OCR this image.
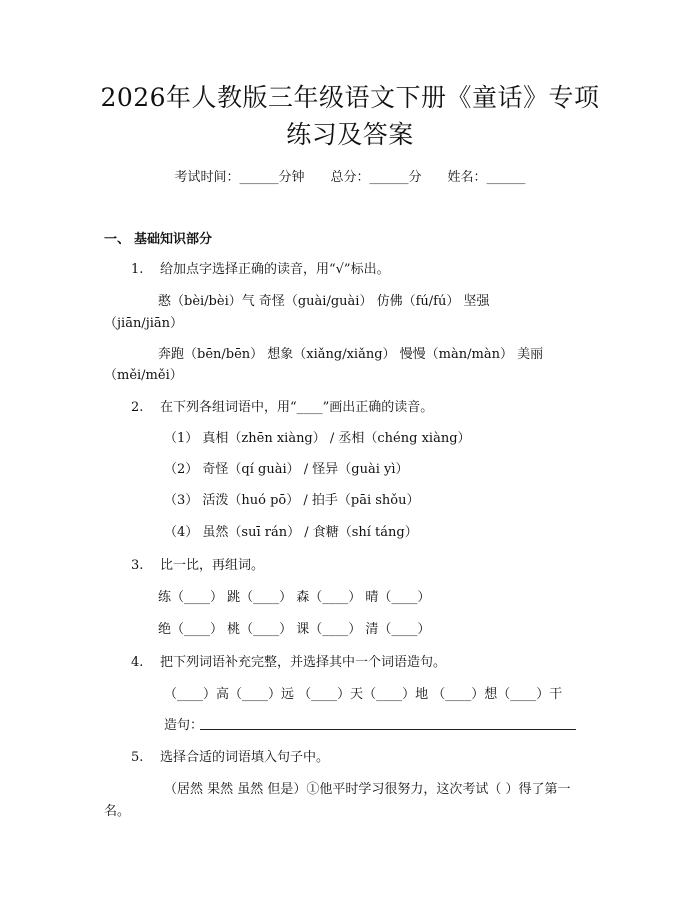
2026年人教版三年级语文下册《童话》专项
练习及答案
考试时间：______分钟 总分：______分 姓名：______
一、 基础知识部分
1. 给加点字选择正确的读音，用“√”标出。
憨（bèi/bèi）气 奇怪（guài/guài） 仿佛（fú/fú） 坚强
（jiān/jiān）
奔跑（bēn/bēn） 想象（xiǎng/xiǎng） 慢慢（màn/màn） 美丽
（měi/měi）
2. 在下列各组词语中，用“____”画出正确的读音。
（1） 真相（zhēn xiàng） / 丞相（chéng xiàng）
（2） 奇怪（qí guài） / 怪异（guài yì）
（3） 活泼（huó pō） / 拍手（pāi shǒu）
（4） 虽然（suī rán） / 食糖（shí táng）
3. 比一比，再组词。
练（____） 跳（____） 森（____） 晴（____）
绝（____） 桃（____） 课（____） 清（____）
4. 把下列词语补充完整，并选择其中一个词语造句。
（____）高（____）远 （____）天（____）地 （____）想（____）干
造句：
5. 选择合适的词语填入句子中。
（居然 果然 虽然 但是）①他平时学习很努力，这次考试（ ）得了第一
名。
